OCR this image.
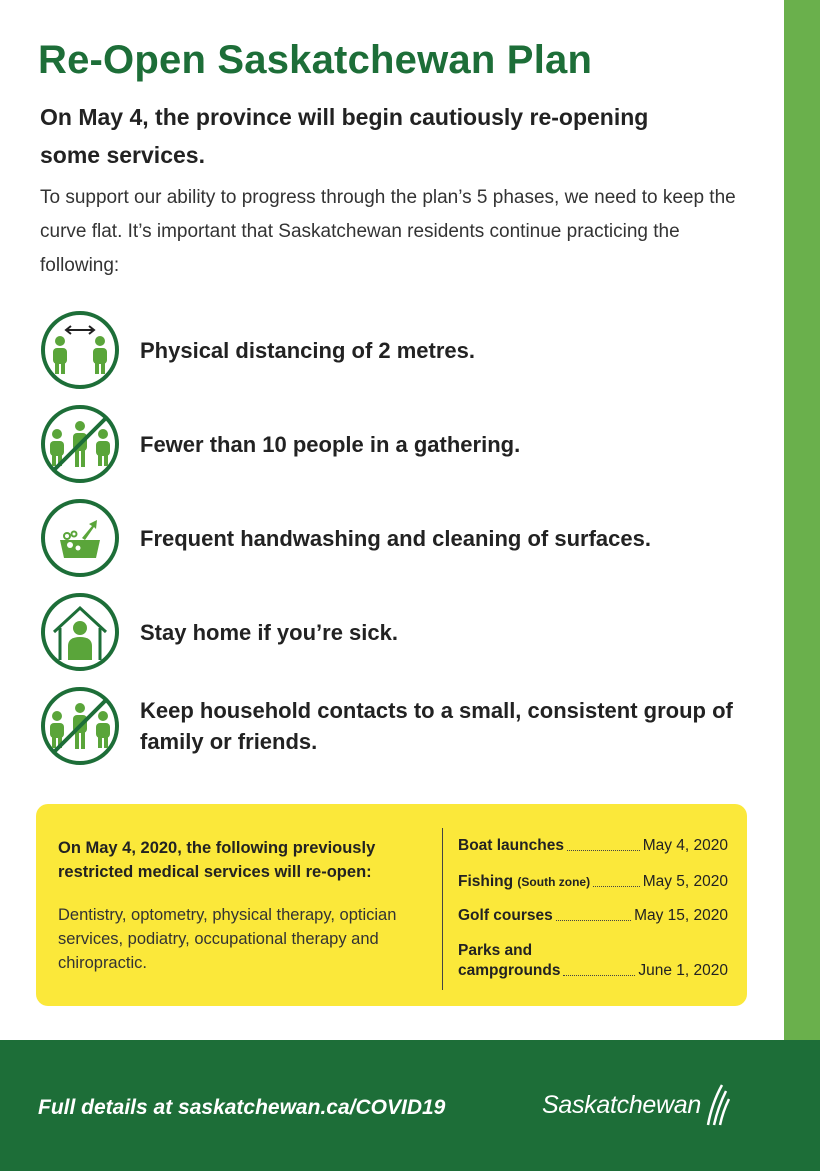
Re-Open Saskatchewan Plan

On May 4, the province will begin cautiously re-opening some services.

To support our ability to progress through the plan’s 5 phases, we need to keep the curve flat. It’s important that Saskatchewan residents continue practicing the following:

Physical distancing of 2 metres.
Fewer than 10 people in a gathering.
Frequent handwashing and cleaning of surfaces.
Stay home if you’re sick.
Keep household contacts to a small, consistent group of family or friends.

On May 4, 2020, the following previously restricted medical services will re-open:

Dentistry, optometry, physical therapy, optician services, podiatry, occupational therapy and chiropractic.

Boat launches	May 4, 2020
Fishing (South zone)	May 5, 2020
Golf courses	May 15, 2020
Parks and
campgrounds	June 1, 2020

Full details at saskatchewan.ca/COVID19	Saskatchewan
